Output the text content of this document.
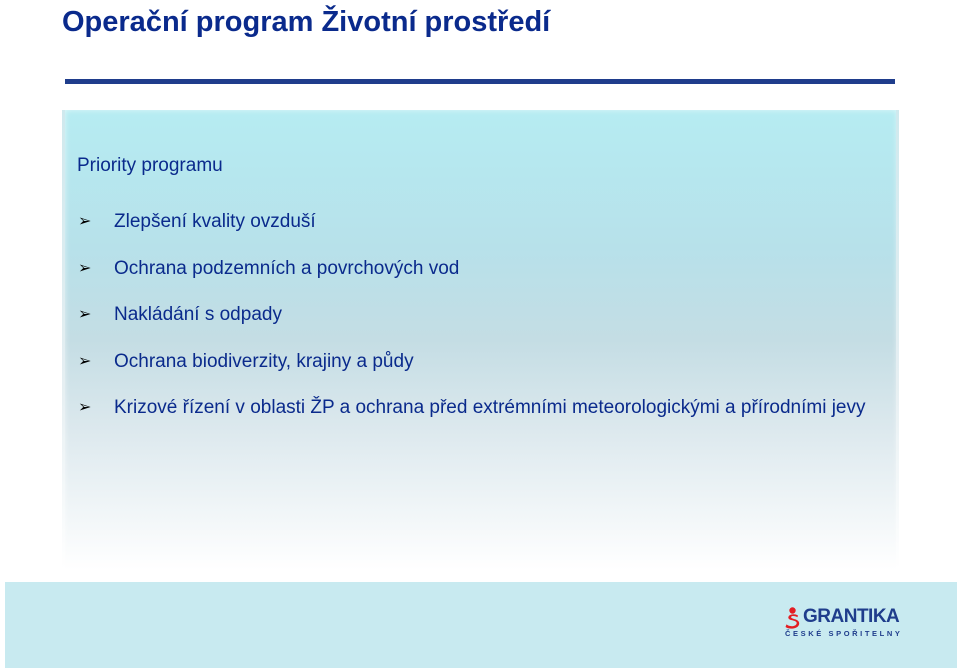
Operační program Životní prostředí
Priority programu
➢ Zlepšení kvality ovzduší
➢ Ochrana podzemních a povrchových vod
➢ Nakládání s odpady
➢ Ochrana biodiverzity, krajiny a půdy
➢ Krizové řízení v oblasti ŽP a ochrana před extrémními meteorologickými a přírodními jevy
GRANTIKA
ČESKÉ SPOŘITELNY
